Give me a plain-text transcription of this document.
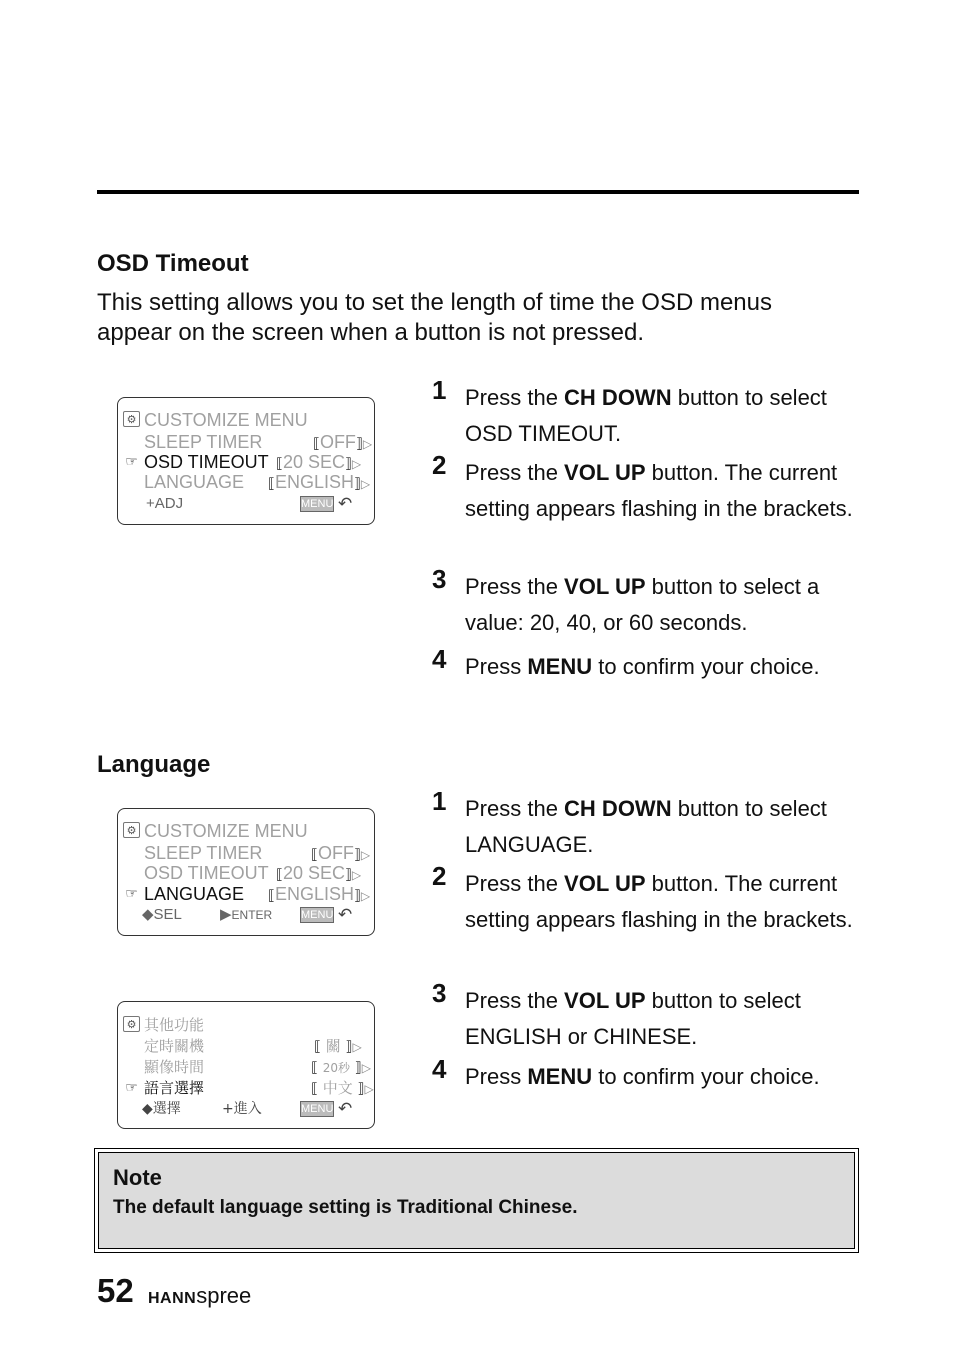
OSD Timeout

This setting allows you to set the length of time the OSD menus appear on the screen when a button is not pressed.

⚙ CUSTOMIZE MENU
SLEEP TIMER	⟦OFF⟧▷
☞ OSD TIMEOUT ⟦20 SEC⟧▷
LANGUAGE ⟦ENGLISH⟧▷
+ADJ	MENU ↶
1 Press the CH DOWN button to select OSD TIMEOUT.
2 Press the VOL UP button. The current setting appears flashing in the brackets.
3 Press the VOL UP button to select a value: 20, 40, or 60 seconds.
4 Press MENU to confirm your choice.
Language
⚙ CUSTOMIZE MENU
SLEEP TIMER	⟦OFF⟧▷
OSD TIMEOUT ⟦20 SEC⟧▷
☞ LANGUAGE ⟦ENGLISH⟧▷
◆SEL	▶ENTER	MENU ↶
⚙ 其他功能
定時關機	⟦ 關 ⟧▷
顯像時間	⟦ 20秒 ⟧▷
☞ 語言選擇	⟦ 中文 ⟧▷
◆選擇	+進入	MENU ↶
1 Press the CH DOWN button to select LANGUAGE.
2 Press the VOL UP button. The current setting appears flashing in the brackets.
3 Press the VOL UP button to select ENGLISH or CHINESE.
4 Press MENU to confirm your choice.
Note
The default language setting is Traditional Chinese.
52 HANNspree
